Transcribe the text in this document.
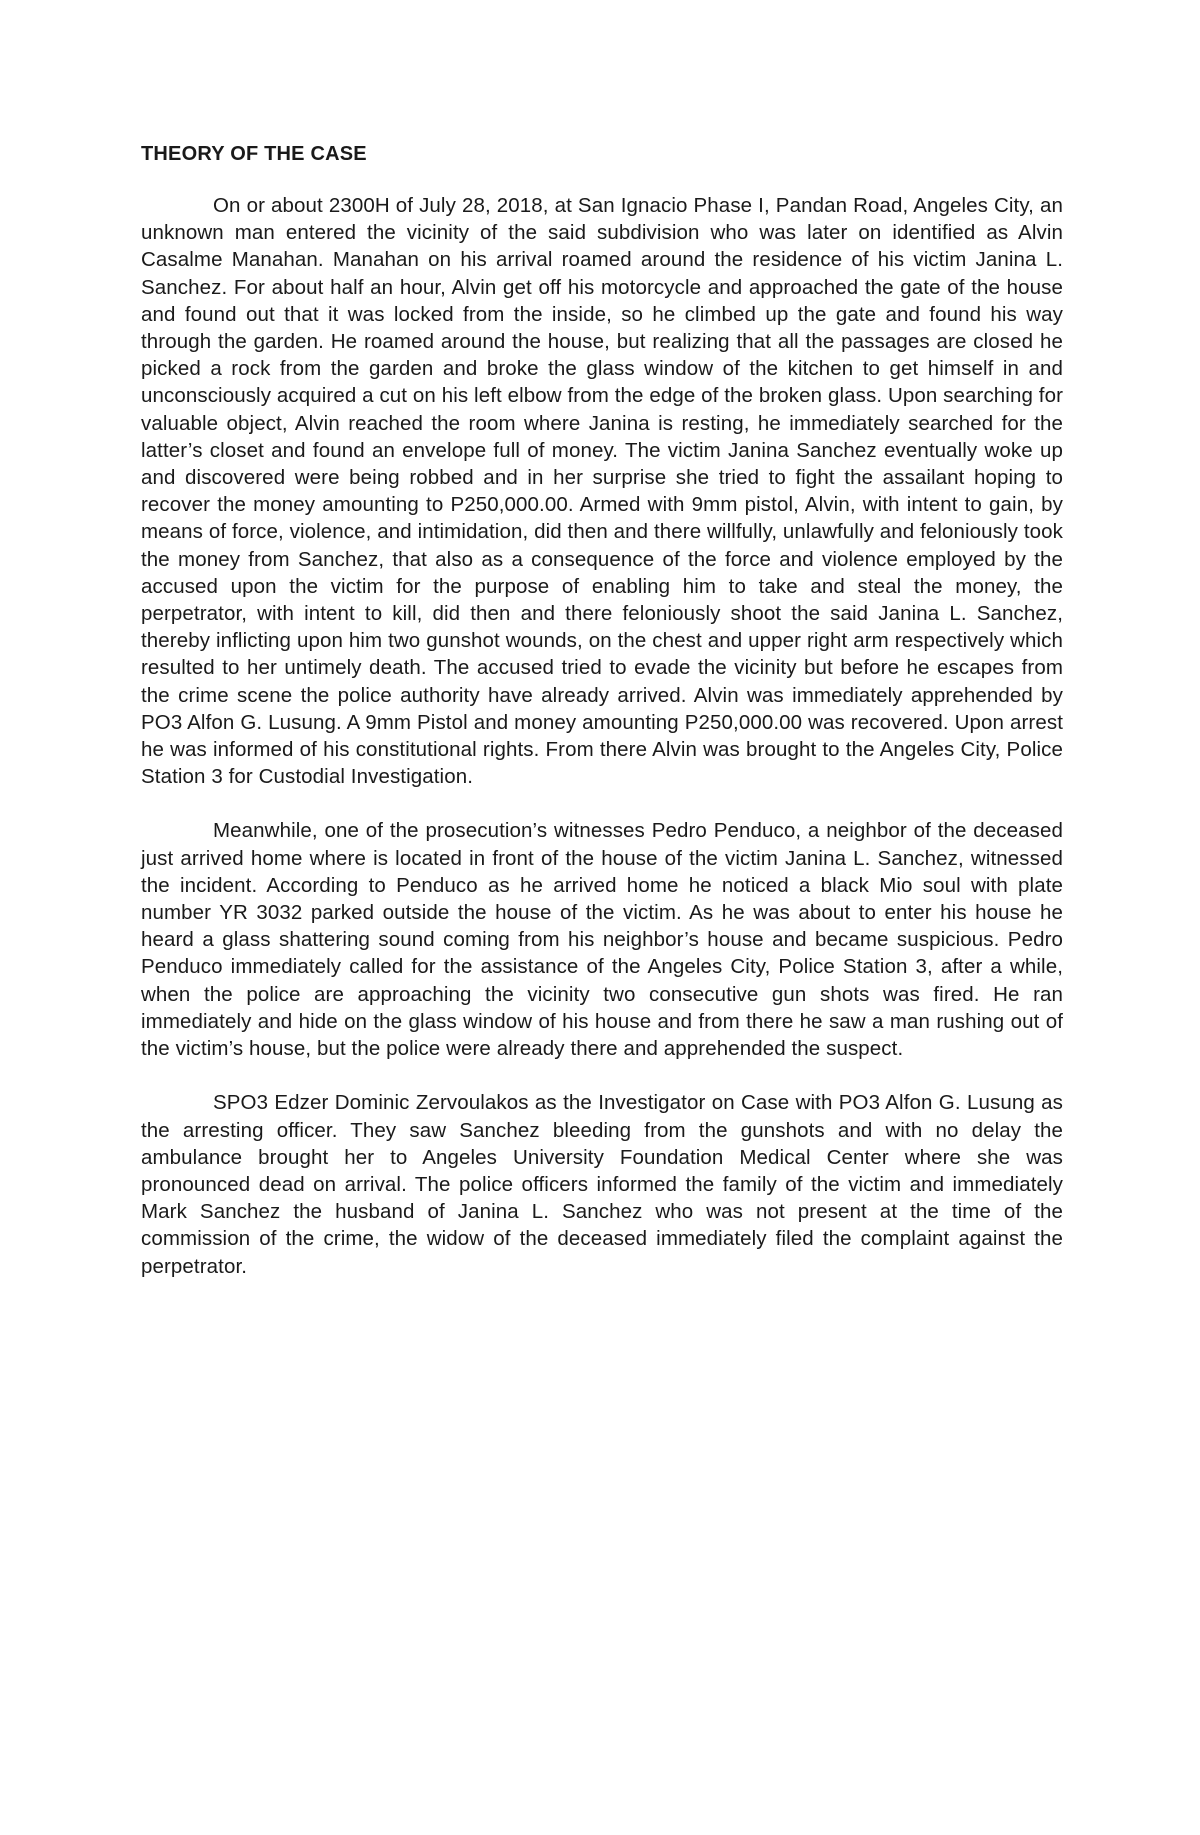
THEORY OF THE CASE

On or about 2300H of July 28, 2018, at San Ignacio Phase I, Pandan Road, Angeles City, an unknown man entered the vicinity of the said subdivision who was later on identified as Alvin Casalme Manahan. Manahan on his arrival roamed around the residence of his victim Janina L. Sanchez. For about half an hour, Alvin get off his motorcycle and approached the gate of the house and found out that it was locked from the inside, so he climbed up the gate and found his way through the garden. He roamed around the house, but realizing that all the passages are closed he picked a rock from the garden and broke the glass window of the kitchen to get himself in and unconsciously acquired a cut on his left elbow from the edge of the broken glass. Upon searching for valuable object, Alvin reached the room where Janina is resting, he immediately searched for the latter’s closet and found an envelope full of money. The victim Janina Sanchez eventually woke up and discovered were being robbed and in her surprise she tried to fight the assailant hoping to recover the money amounting to P250,000.00. Armed with 9mm pistol, Alvin, with intent to gain, by means of force, violence, and intimidation, did then and there willfully, unlawfully and feloniously took the money from Sanchez, that also as a consequence of the force and violence employed by the accused upon the victim for the purpose of enabling him to take and steal the money, the perpetrator, with intent to kill, did then and there feloniously shoot the said Janina L. Sanchez, thereby inflicting upon him two gunshot wounds, on the chest and upper right arm respectively which resulted to her untimely death. The accused tried to evade the vicinity but before he escapes from the crime scene the police authority have already arrived. Alvin was immediately apprehended by PO3 Alfon G. Lusung. A 9mm Pistol and money amounting P250,000.00 was recovered. Upon arrest he was informed of his constitutional rights. From there Alvin was brought to the Angeles City, Police Station 3 for Custodial Investigation.

Meanwhile, one of the prosecution’s witnesses Pedro Penduco, a neighbor of the deceased just arrived home where is located in front of the house of the victim Janina L. Sanchez, witnessed the incident. According to Penduco as he arrived home he noticed a black Mio soul with plate number YR 3032 parked outside the house of the victim. As he was about to enter his house he heard a glass shattering sound coming from his neighbor’s house and became suspicious. Pedro Penduco immediately called for the assistance of the Angeles City, Police Station 3, after a while, when the police are approaching the vicinity two consecutive gun shots was fired. He ran immediately and hide on the glass window of his house and from there he saw a man rushing out of the victim’s house, but the police were already there and apprehended the suspect.

SPO3 Edzer Dominic Zervoulakos as the Investigator on Case with PO3 Alfon G. Lusung as the arresting officer. They saw Sanchez bleeding from the gunshots and with no delay the ambulance brought her to Angeles University Foundation Medical Center where she was pronounced dead on arrival. The police officers informed the family of the victim and immediately Mark Sanchez the husband of Janina L. Sanchez who was not present at the time of the commission of the crime, the widow of the deceased immediately filed the complaint against the perpetrator.
